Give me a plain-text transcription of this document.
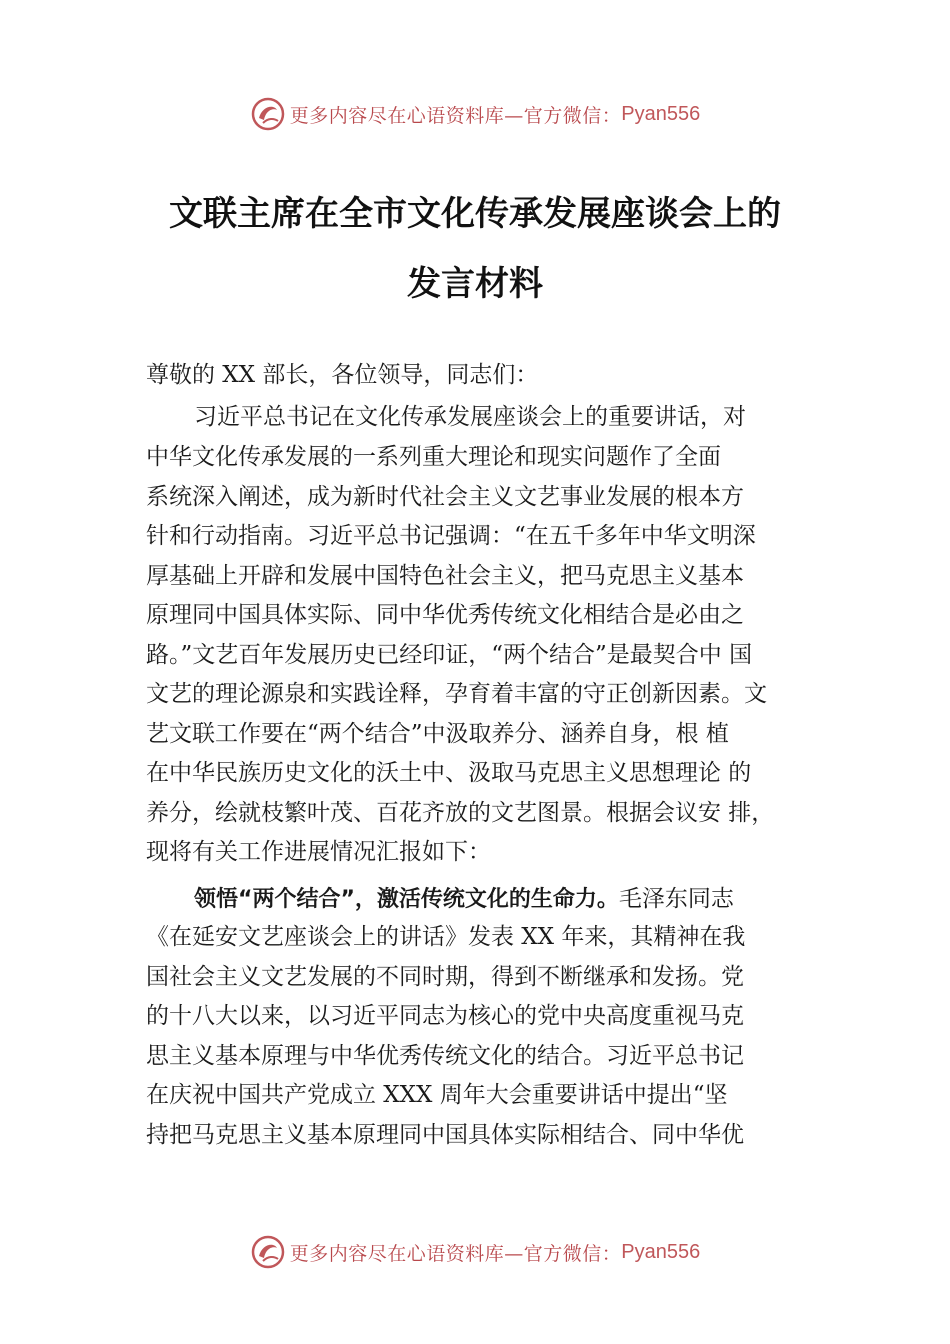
更多内容尽在心语资料库—官方微信： Pyan556
文联主席在全市文化传承发展座谈会上的
发言材料

尊敬的 XX 部长，各位领导，同志们：

习近平总书记在文化传承发展座谈会上的重要讲话，对

中华文化传承发展的一系列重大理论和现实问题作了全面

系统深入阐述，成为新时代社会主义文艺事业发展的根本方

针和行动指南。习近平总书记强调：“在五千多年中华文明深

厚基础上开辟和发展中国特色社会主义，把马克思主义基本

原理同中国具体实际、同中华优秀传统文化相结合是必由之

路。”文艺百年发展历史已经印证，“两个结合”是最契合中 国

文艺的理论源泉和实践诠释，孕育着丰富的守正创新因素。文

艺文联工作要在“两个结合”中汲取养分、涵养自身，根 植

在中华民族历史文化的沃土中、汲取马克思主义思想理论 的

养分，绘就枝繁叶茂、百花齐放的文艺图景。根据会议安 排，

现将有关工作进展情况汇报如下：

领悟“两个结合”，激活传统文化的生命力。毛泽东同志

《在延安文艺座谈会上的讲话》发表 XX 年来，其精神在我

国社会主义文艺发展的不同时期，得到不断继承和发扬。党

的十八大以来，以习近平同志为核心的党中央高度重视马克

思主义基本原理与中华优秀传统文化的结合。习近平总书记

在庆祝中国共产党成立 XXX 周年大会重要讲话中提出“坚

持把马克思主义基本原理同中国具体实际相结合、同中华优

更多内容尽在心语资料库—官方微信： Pyan556
